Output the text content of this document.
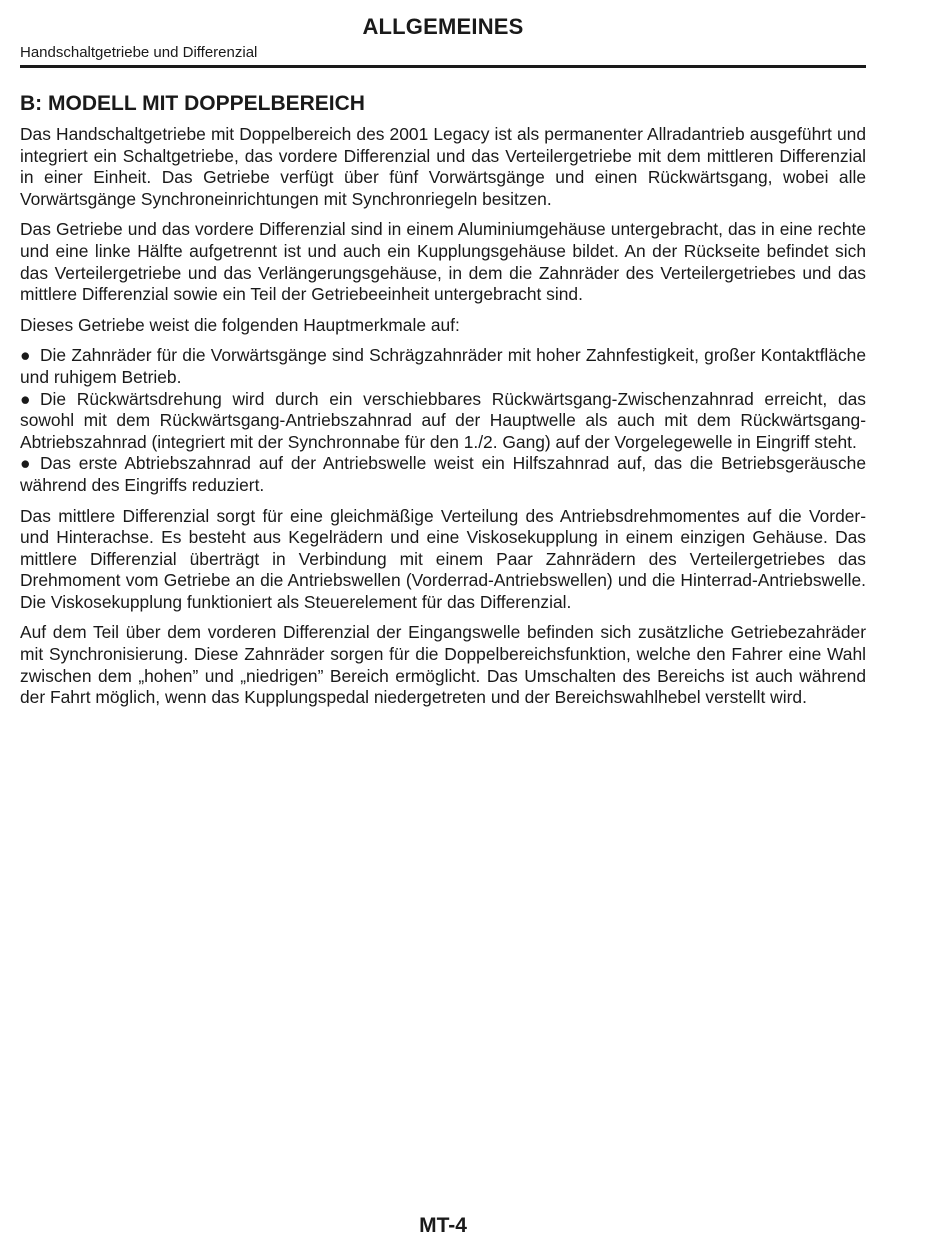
ALLGEMEINES
Handschaltgetriebe und Differenzial
B: MODELL MIT DOPPELBEREICH

Das Handschaltgetriebe mit Doppelbereich des 2001 Legacy ist als permanenter Allradantrieb ausgeführt und integriert ein Schaltgetriebe, das vordere Differenzial und das Verteilergetriebe mit dem mittleren Differenzial in einer Einheit. Das Getriebe verfügt über fünf Vorwärtsgänge und einen Rückwärtsgang, wobei alle Vorwärtsgänge Synchroneinrichtungen mit Synchronriegeln besitzen.

Das Getriebe und das vordere Differenzial sind in einem Aluminiumgehäuse untergebracht, das in eine rechte und eine linke Hälfte aufgetrennt ist und auch ein Kupplungsgehäuse bildet. An der Rückseite befindet sich das Verteilergetriebe und das Verlängerungsgehäuse, in dem die Zahnräder des Verteilergetriebes und das mittlere Differenzial sowie ein Teil der Getriebeeinheit untergebracht sind.

Dieses Getriebe weist die folgenden Hauptmerkmale auf:

● Die Zahnräder für die Vorwärtsgänge sind Schrägzahnräder mit hoher Zahnfestigkeit, großer Kontaktfläche und ruhigem Betrieb.
● Die Rückwärtsdrehung wird durch ein verschiebbares Rückwärtsgang-Zwischenzahnrad erreicht, das sowohl mit dem Rückwärtsgang-Antriebszahnrad auf der Hauptwelle als auch mit dem Rückwärtsgang-Abtriebszahnrad (integriert mit der Synchronnabe für den 1./2. Gang) auf der Vorgelegewelle in Eingriff steht.
● Das erste Abtriebszahnrad auf der Antriebswelle weist ein Hilfszahnrad auf, das die Betriebsgeräusche während des Eingriffs reduziert.

Das mittlere Differenzial sorgt für eine gleichmäßige Verteilung des Antriebsdrehmomentes auf die Vorder- und Hinterachse. Es besteht aus Kegelrädern und eine Viskosekupplung in einem einzigen Gehäuse. Das mittlere Differenzial überträgt in Verbindung mit einem Paar Zahnrädern des Verteilergetriebes das Drehmoment vom Getriebe an die Antriebswellen (Vorderrad-Antriebswellen) und die Hinterrad-Antriebswelle. Die Viskosekupplung funktioniert als Steuerelement für das Differenzial.

Auf dem Teil über dem vorderen Differenzial der Eingangswelle befinden sich zusätzliche Getriebezahräder mit Synchronisierung. Diese Zahnräder sorgen für die Doppelbereichsfunktion, welche den Fahrer eine Wahl zwischen dem „hohen” und „niedrigen” Bereich ermöglicht. Das Umschalten des Bereichs ist auch während der Fahrt möglich, wenn das Kupplungspedal niedergetreten und der Bereichswahlhebel verstellt wird.

MT-4
